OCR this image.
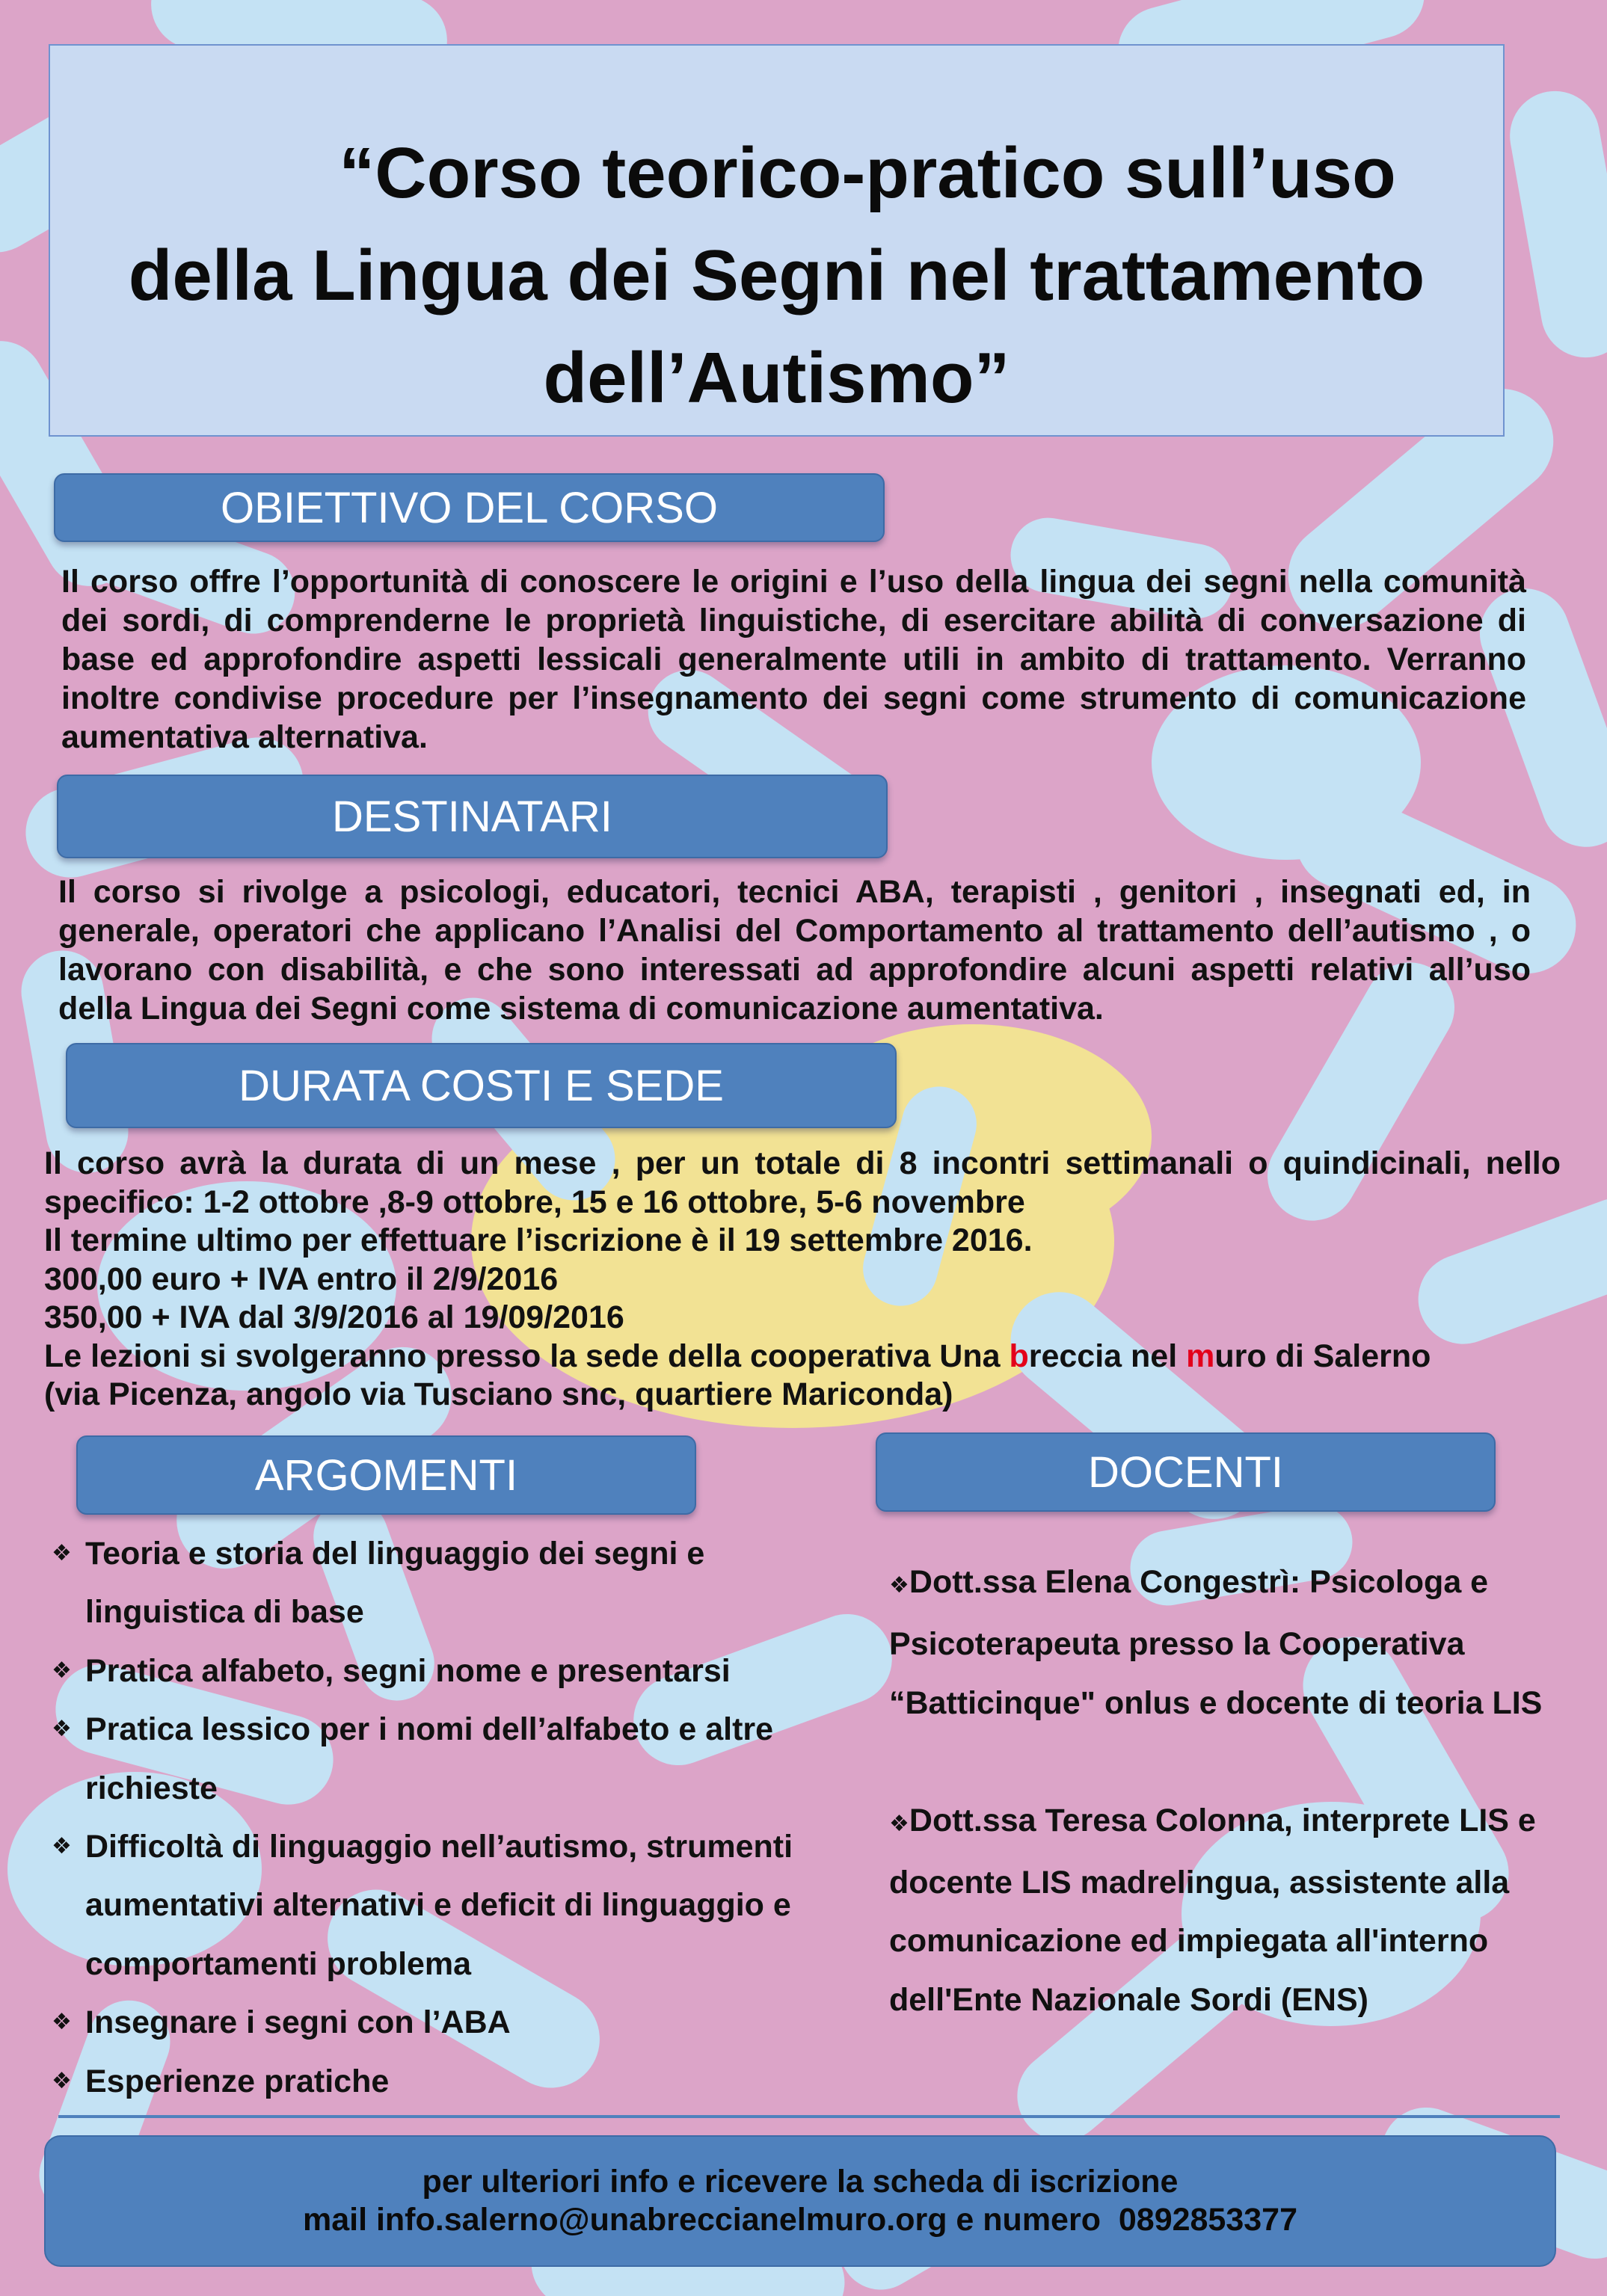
“Corso teorico-pratico sull’uso
della Lingua dei Segni nel trattamento
dell’Autismo”
OBIETTIVO DEL CORSO
Il corso offre l’opportunità di conoscere le origini e l’uso della lingua dei segni nella comunità dei sordi, di comprenderne le proprietà linguistiche, di esercitare abilità di conversazione di base ed approfondire aspetti lessicali generalmente utili in ambito di trattamento. Verranno inoltre condivise procedure per l’insegnamento dei segni come strumento di comunicazione aumentativa alternativa.
DESTINATARI
Il corso si rivolge a psicologi, educatori, tecnici ABA, terapisti , genitori , insegnati ed, in generale, operatori che applicano l’Analisi del Comportamento al trattamento dell’autismo , o lavorano con disabilità, e che sono interessati ad approfondire alcuni aspetti relativi all’uso della Lingua dei Segni come sistema di comunicazione aumentativa.
DURATA COSTI E SEDE
Il corso avrà la durata di un mese , per un totale di 8 incontri settimanali o quindicinali, nello specifico: 1-2 ottobre ,8-9 ottobre, 15 e 16 ottobre, 5-6 novembre
Il termine ultimo per effettuare l’iscrizione è il 19 settembre 2016.
300,00 euro + IVA entro il 2/9/2016
350,00 + IVA dal 3/9/2016 al 19/09/2016
Le lezioni si svolgeranno presso la sede della cooperativa Una breccia nel muro di Salerno
(via Picenza, angolo via Tusciano snc, quartiere Mariconda)
ARGOMENTI	DOCENTI
❖ Teoria e storia del linguaggio dei segni e linguistica di base
❖ Pratica alfabeto, segni nome e presentarsi
❖ Pratica lessico per i nomi dell’alfabeto e altre richieste
❖ Difficoltà di linguaggio nell’autismo, strumenti aumentativi alternativi e deficit di linguaggio e comportamenti problema
❖ Insegnare i segni con l’ABA
❖ Esperienze pratiche
❖Dott.ssa Elena Congestrì: Psicologa e Psicoterapeuta presso la Cooperativa “Batticinque" onlus e docente di teoria LIS
❖Dott.ssa Teresa Colonna, interprete LIS e docente LIS madrelingua, assistente alla comunicazione ed impiegata all'interno dell'Ente Nazionale Sordi (ENS)
per ulteriori info e ricevere la scheda di iscrizione
mail info.salerno@unabreccianelmuro.org e numero  0892853377
